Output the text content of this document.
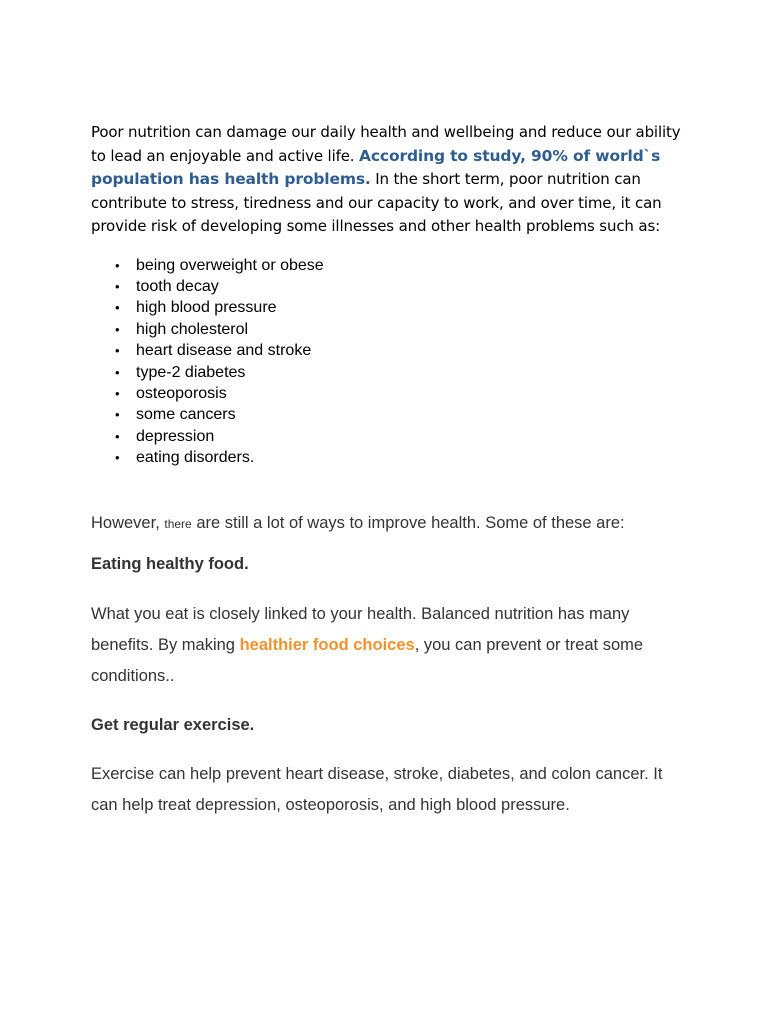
Poor nutrition can damage our daily health and wellbeing and reduce our ability to lead an enjoyable and active life. According to study, 90% of world`s population has health problems. In the short term, poor nutrition can contribute to stress, tiredness and our capacity to work, and over time, it can provide risk of developing some illnesses and other health problems such as:

• being overweight or obese
• tooth decay
• high blood pressure
• high cholesterol
• heart disease and stroke
• type-2 diabetes
• osteoporosis
• some cancers
• depression
• eating disorders.

However, there are still a lot of ways to improve health. Some of these are:

Eating healthy food.

What you eat is closely linked to your health. Balanced nutrition has many benefits. By making healthier food choices, you can prevent or treat some conditions..

Get regular exercise.

Exercise can help prevent heart disease, stroke, diabetes, and colon cancer. It can help treat depression, osteoporosis, and high blood pressure.
